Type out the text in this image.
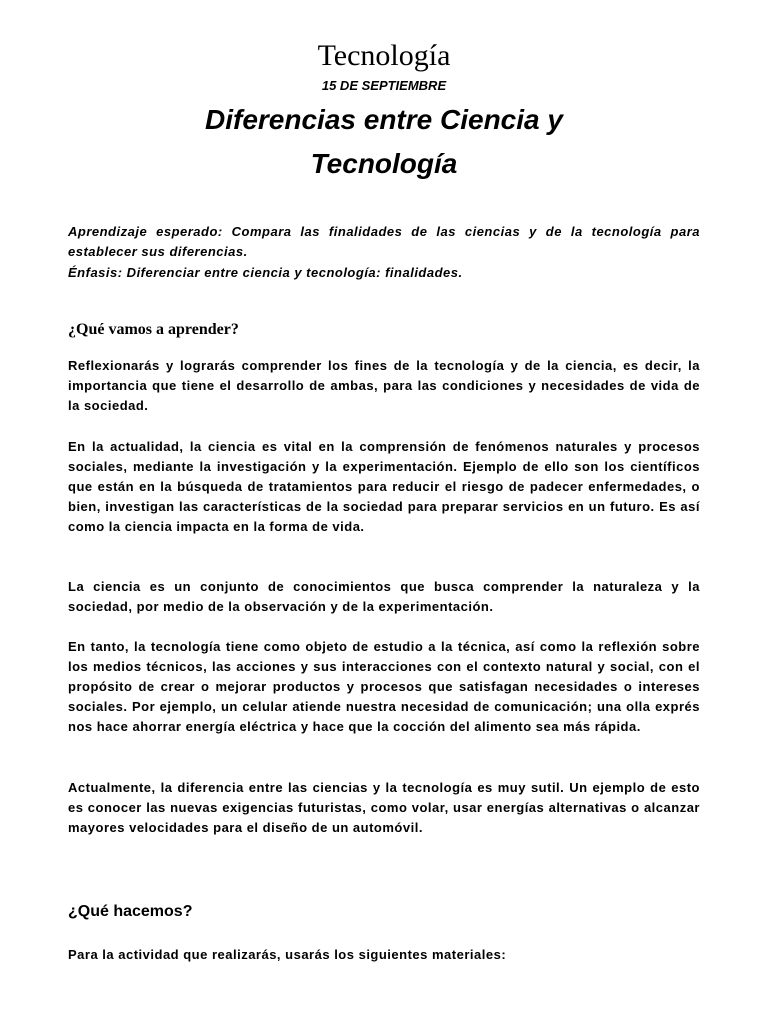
Tecnología
15 DE SEPTIEMBRE
Diferencias entre Ciencia y
Tecnología
Aprendizaje esperado: Compara las finalidades de las ciencias y de la tecnología para establecer sus diferencias.
Énfasis: Diferenciar entre ciencia y tecnología: finalidades.
¿Qué vamos a aprender?
Reflexionarás y lograrás comprender los fines de la tecnología y de la ciencia, es decir, la importancia que tiene el desarrollo de ambas, para las condiciones y necesidades de vida de la sociedad.
En la actualidad, la ciencia es vital en la comprensión de fenómenos naturales y procesos sociales, mediante la investigación y la experimentación. Ejemplo de ello son los científicos que están en la búsqueda de tratamientos para reducir el riesgo de padecer enfermedades, o bien, investigan las características de la sociedad para preparar servicios en un futuro. Es así como la ciencia impacta en la forma de vida.
La ciencia es un conjunto de conocimientos que busca comprender la naturaleza y la sociedad, por medio de la observación y de la experimentación.
En tanto, la tecnología tiene como objeto de estudio a la técnica, así como la reflexión sobre los medios técnicos, las acciones y sus interacciones con el contexto natural y social, con el propósito de crear o mejorar productos y procesos que satisfagan necesidades o intereses sociales. Por ejemplo, un celular atiende nuestra necesidad de comunicación; una olla exprés nos hace ahorrar energía eléctrica y hace que la cocción del alimento sea más rápida.
Actualmente, la diferencia entre las ciencias y la tecnología es muy sutil. Un ejemplo de esto es conocer las nuevas exigencias futuristas, como volar, usar energías alternativas o alcanzar mayores velocidades para el diseño de un automóvil.
¿Qué hacemos?
Para la actividad que realizarás, usarás los siguientes materiales:
